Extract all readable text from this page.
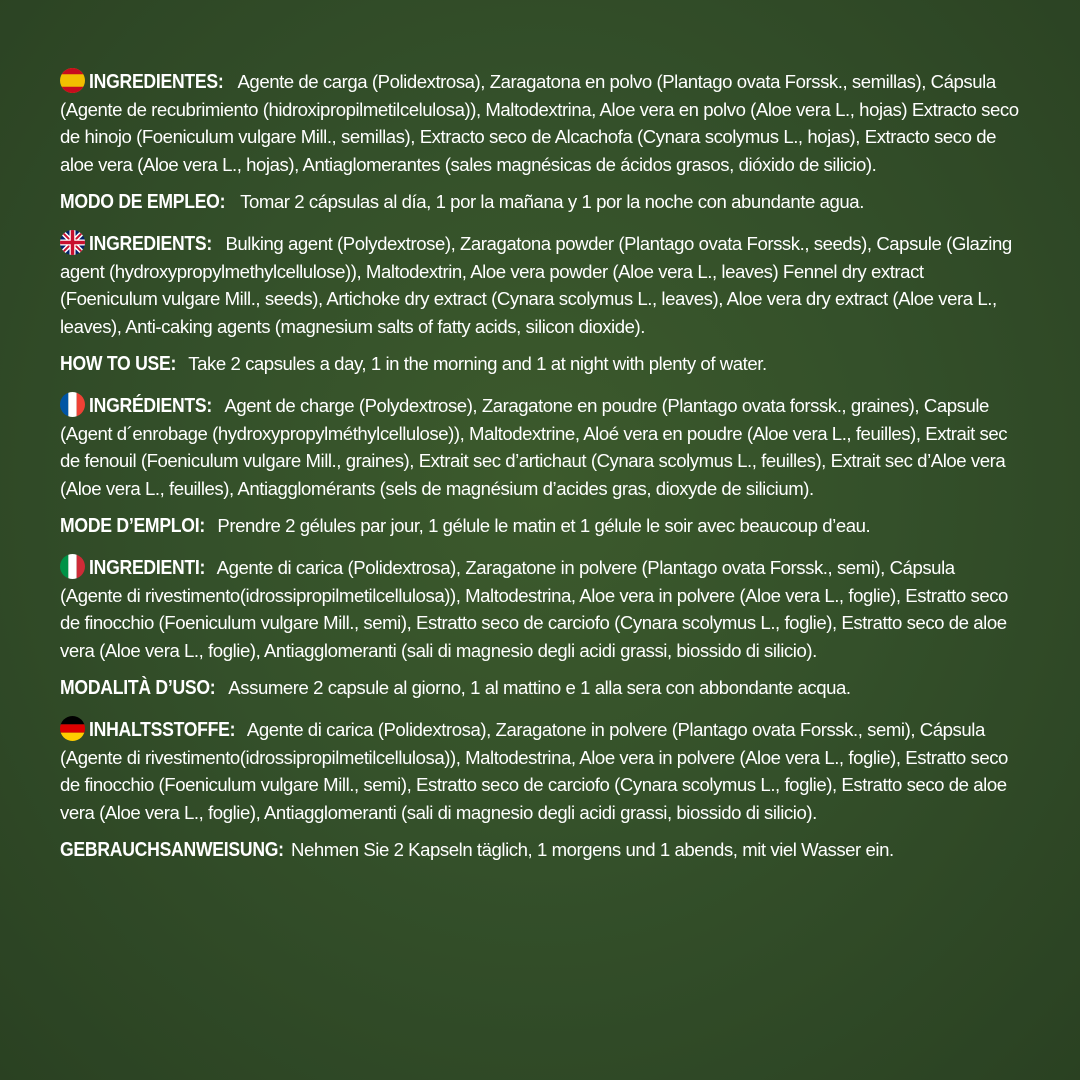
INGREDIENTES: Agente de carga (Polidextrosa), Zaragatona en polvo (Plantago ovata Forssk., semillas), Cápsula (Agente de recubrimiento (hidroxipropilmetilcelulosa)), Maltodextrina, Aloe vera en polvo (Aloe vera L., hojas) Extracto seco de hinojo (Foeniculum vulgare Mill., semillas), Extracto seco de Alcachofa (Cynara scolymus L., hojas), Extracto seco de aloe vera (Aloe vera L., hojas), Antiaglomerantes (sales magnésicas de ácidos grasos, dióxido de silicio).

MODO DE EMPLEO: Tomar 2 cápsulas al día, 1 por la mañana y 1 por la noche con abundante agua.

INGREDIENTS: Bulking agent (Polydextrose), Zaragatona powder (Plantago ovata Forssk., seeds), Capsule (Glazing agent (hydroxypropylmethylcellulose)), Maltodextrin, Aloe vera powder (Aloe vera L., leaves) Fennel dry extract (Foeniculum vulgare Mill., seeds), Artichoke dry extract (Cynara scolymus L., leaves), Aloe vera dry extract (Aloe vera L., leaves), Anti-caking agents (magnesium salts of fatty acids, silicon dioxide).

HOW TO USE: Take 2 capsules a day, 1 in the morning and 1 at night with plenty of water.

INGRÉDIENTS: Agent de charge (Polydextrose), Zaragatone en poudre (Plantago ovata forssk., graines), Capsule (Agent d´enrobage (hydroxypropylméthylcellulose)), Maltodextrine, Aloé vera en poudre (Aloe vera L., feuilles), Extrait sec de fenouil (Foeniculum vulgare Mill., graines), Extrait sec d’artichaut (Cynara scolymus L., feuilles), Extrait sec d’Aloe vera (Aloe vera L., feuilles), Antiagglomérants (sels de magnésium d’acides gras, dioxyde de silicium).

MODE D’EMPLOI: Prendre 2 gélules par jour, 1 gélule le matin et 1 gélule le soir avec beaucoup d’eau.

INGREDIENTI: Agente di carica (Polidextrosa), Zaragatone in polvere (Plantago ovata Forssk., semi), Cápsula (Agente di rivestimento(idrossipropilmetilcellulosa)), Maltodestrina, Aloe vera in polvere (Aloe vera L., foglie), Estratto seco de finocchio (Foeniculum vulgare Mill., semi), Estratto seco de carciofo (Cynara scolymus L., foglie), Estratto seco de aloe vera (Aloe vera L., foglie), Antiagglomeranti (sali di magnesio degli acidi grassi, biossido di silicio).

MODALITÀ D’USO: Assumere 2 capsule al giorno, 1 al mattino e 1 alla sera con abbondante acqua.

INHALTSSTOFFE: Agente di carica (Polidextrosa), Zaragatone in polvere (Plantago ovata Forssk., semi), Cápsula (Agente di rivestimento(idrossipropilmetilcellulosa)), Maltodestrina, Aloe vera in polvere (Aloe vera L., foglie), Estratto seco de finocchio (Foeniculum vulgare Mill., semi), Estratto seco de carciofo (Cynara scolymus L., foglie), Estratto seco de aloe vera (Aloe vera L., foglie), Antiagglomeranti (sali di magnesio degli acidi grassi, biossido di silicio).

GEBRAUCHSANWEISUNG: Nehmen Sie 2 Kapseln täglich, 1 morgens und 1 abends, mit viel Wasser ein.
